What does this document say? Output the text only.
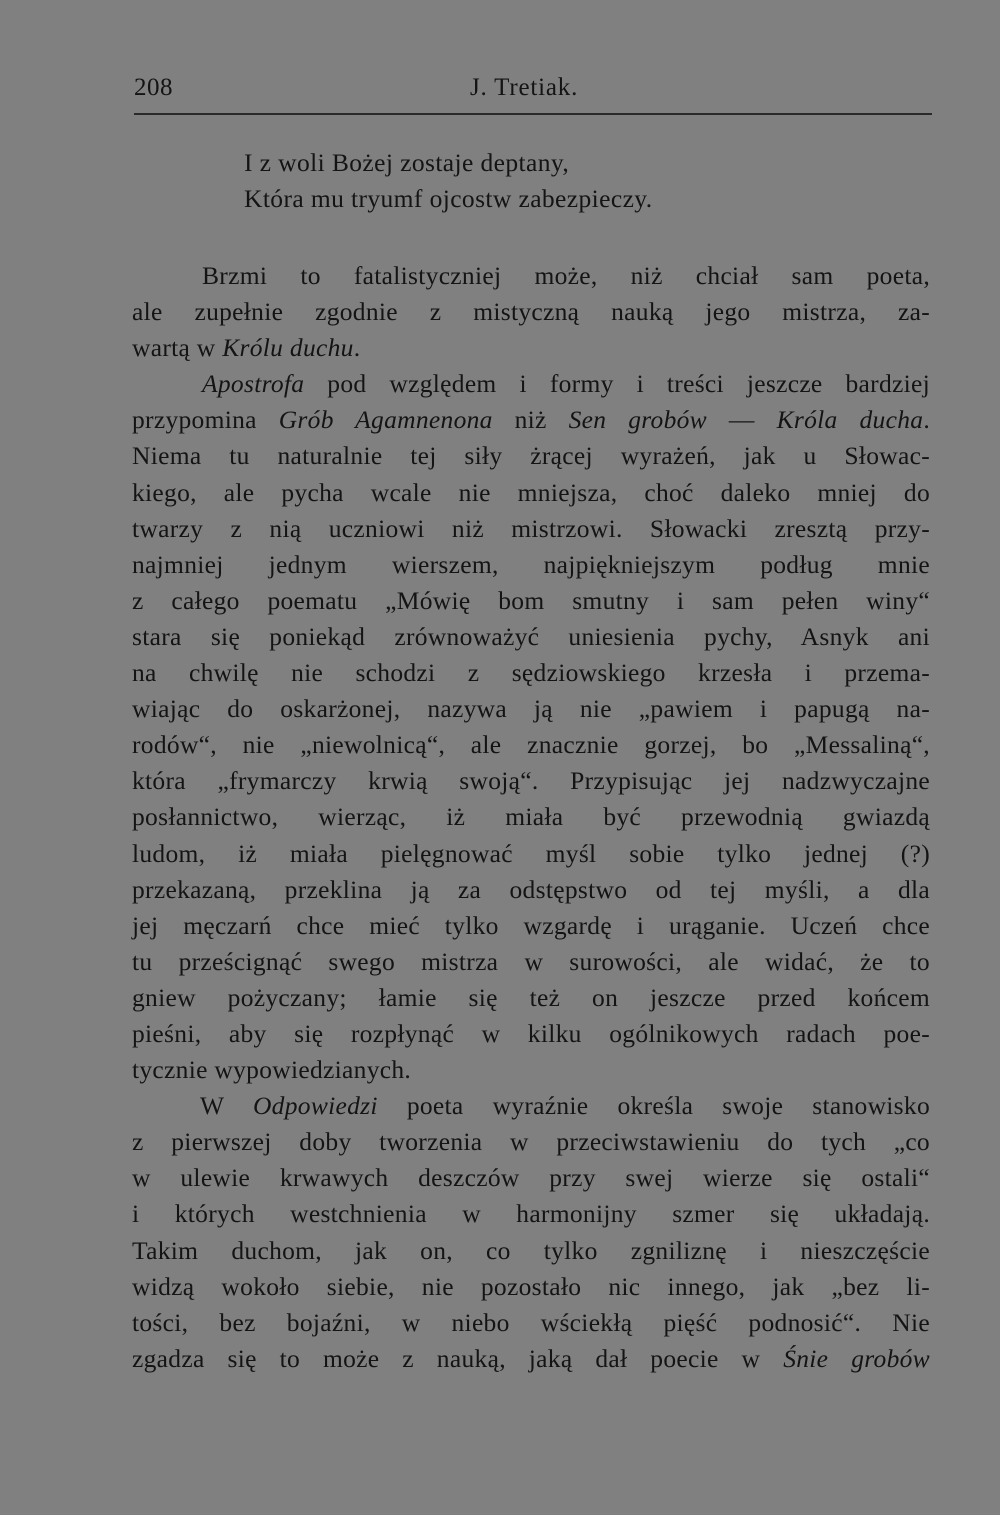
208	J. Tretiak.
I z woli Bożej zostaje deptany,
Która mu tryumf ojcostw zabezpieczy.
Brzmi to fatalistyczniej może, niż chciał sam poeta,
ale zupełnie zgodnie z mistyczną nauką jego mistrza, za-
wartą w Królu duchu.
Apostrofa pod względem i formy i treści jeszcze bardziej
przypomina Grób Agamnenona niż Sen grobów — Króla ducha.
Niema tu naturalnie tej siły żrącej wyrażeń, jak u Słowac-
kiego, ale pycha wcale nie mniejsza, choć daleko mniej do
twarzy z nią uczniowi niż mistrzowi. Słowacki zresztą przy-
najmniej jednym wierszem, najpiękniejszym podług mnie
z całego poematu „Mówię bom smutny i sam pełen winy“
stara się poniekąd zrównoważyć uniesienia pychy, Asnyk ani
na chwilę nie schodzi z sędziowskiego krzesła i przema-
wiając do oskarżonej, nazywa ją nie „pawiem i papugą na-
rodów“, nie „niewolnicą“, ale znacznie gorzej, bo „Messaliną“,
która „frymarczy krwią swoją“. Przypisując jej nadzwyczajne
posłannictwo, wierząc, iż miała być przewodnią gwiazdą
ludom, iż miała pielęgnować myśl sobie tylko jednej (?)
przekazaną, przeklina ją za odstępstwo od tej myśli, a dla
jej męczarń chce mieć tylko wzgardę i urąganie. Uczeń chce
tu prześcignąć swego mistrza w surowości, ale widać, że to
gniew pożyczany; łamie się też on jeszcze przed końcem
pieśni, aby się rozpłynąć w kilku ogólnikowych radach poe-
tycznie wypowiedzianych.
W Odpowiedzi poeta wyraźnie określa swoje stanowisko
z pierwszej doby tworzenia w przeciwstawieniu do tych „co
w ulewie krwawych deszczów przy swej wierze się ostali“
i których westchnienia w harmonijny szmer się układają.
Takim duchom, jak on, co tylko zgniliznę i nieszczęście
widzą wokoło siebie, nie pozostało nic innego, jak „bez li-
tości, bez bojaźni, w niebo wściekłą pięść podnosić“. Nie
zgadza się to może z nauką, jaką dał poecie w Śnie grobów
